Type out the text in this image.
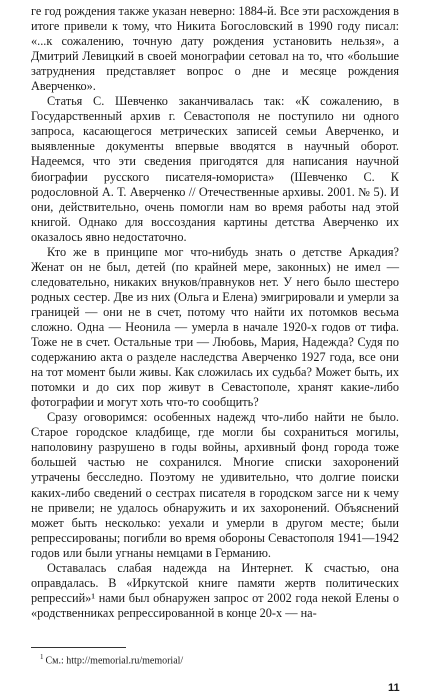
ге год рождения также указан неверно: 1884-й. Все эти расхождения в итоге привели к тому, что Никита Богословский в 1990 году писал: «...к сожалению, точную дату рождения установить нельзя», а Дмитрий Левицкий в своей монографии сетовал на то, что «большие затруднения представляет вопрос о дне и месяце рождения Аверченко».

Статья С. Шевченко заканчивалась так: «К сожалению, в Государственный архив г. Севастополя не поступило ни одного запроса, касающегося метрических записей семьи Аверченко, и выявленные документы впервые вводятся в научный оборот. Надеемся, что эти сведения пригодятся для написания научной биографии русского писателя-юмориста» (Шевченко С. К родословной А. Т. Аверченко // Отечественные архивы. 2001. № 5). И они, действительно, очень помогли нам во время работы над этой книгой. Однако для воссоздания картины детства Аверченко их оказалось явно недостаточно.

Кто же в принципе мог что-нибудь знать о детстве Аркадия? Женат он не был, детей (по крайней мере, законных) не имел — следовательно, никаких внуков/правнуков нет. У него было шестеро родных сестер. Две из них (Ольга и Елена) эмигрировали и умерли за границей — они не в счет, потому что найти их потомков весьма сложно. Одна — Неонила — умерла в начале 1920-х годов от тифа. Тоже не в счет. Остальные три — Любовь, Мария, Надежда? Судя по содержанию акта о разделе наследства Аверченко 1927 года, все они на тот момент были живы. Как сложилась их судьба? Может быть, их потомки и до сих пор живут в Севастополе, хранят какие-либо фотографии и могут хоть что-то сообщить?

Сразу оговоримся: особенных надежд что-либо найти не было. Старое городское кладбище, где могли бы сохраниться могилы, наполовину разрушено в годы войны, архивный фонд города тоже большей частью не сохранился. Многие списки захоронений утрачены бесследно. Поэтому не удивительно, что долгие поиски каких-либо сведений о сестрах писателя в городском загсе ни к чему не привели; не удалось обнаружить и их захоронений. Объяснений может быть несколько: уехали и умерли в другом месте; были репрессированы; погибли во время обороны Севастополя 1941—1942 годов или были угнаны немцами в Германию.

Оставалась слабая надежда на Интернет. К счастью, она оправдалась. В «Иркутской книге памяти жертв политических репрессий»¹ нами был обнаружен запрос от 2002 года некой Елены о «родственниках репрессированной в конце 20-х — на-

$^1$ См.: http://memorial.ru/memorial/
11
